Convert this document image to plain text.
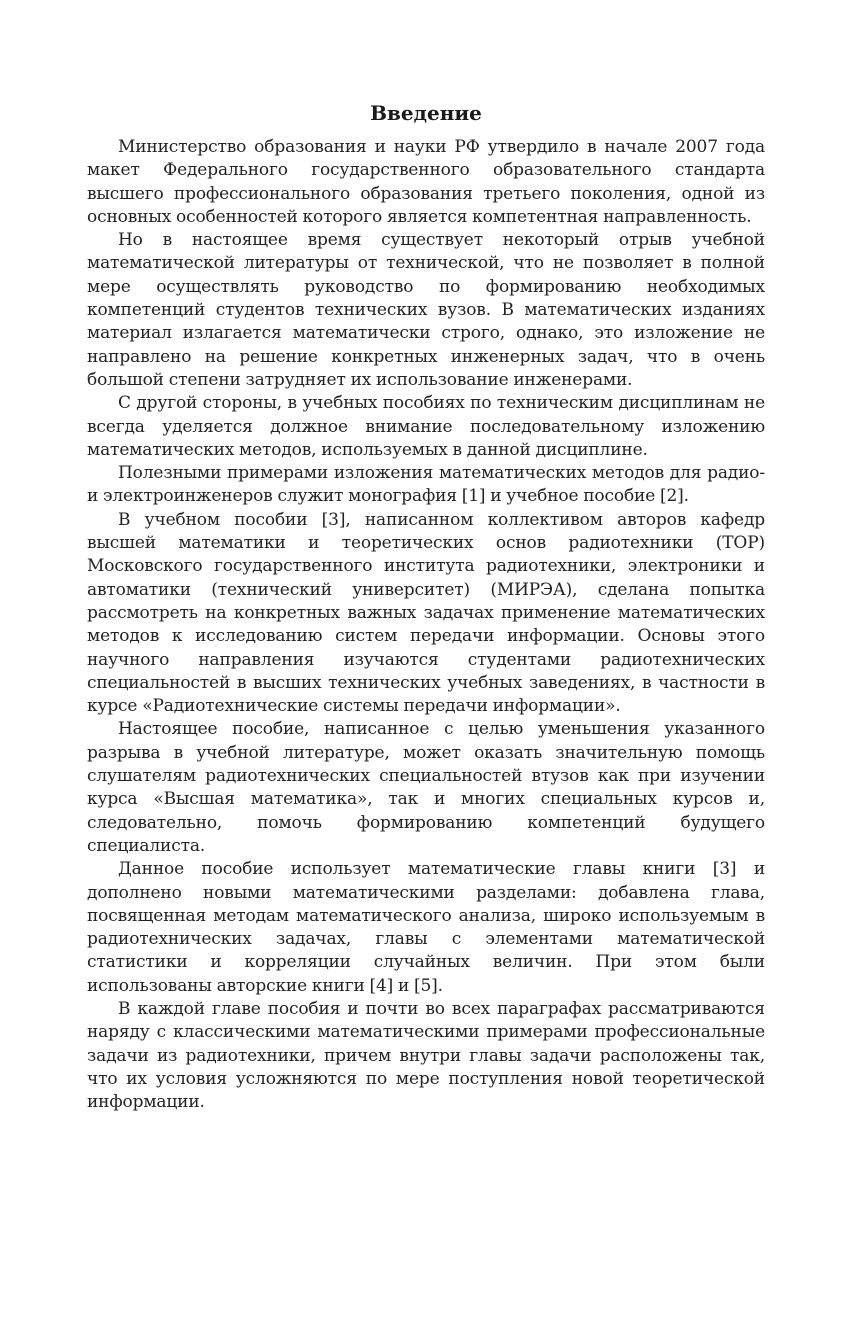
Введение

Министерство образования и науки РФ утвердило в начале 2007 года макет Федерального государственного образовательного стандарта высшего профессионального образования третьего поколения, одной из основных особенностей которого является компетентная направленность.

Но в настоящее время существует некоторый отрыв учебной математической литературы от технической, что не позволяет в полной мере осуществлять руководство по формированию необходимых компетенций студентов технических вузов. В математических изданиях материал излагается математически строго, однако, это изложение не направлено на решение конкретных инженерных задач, что в очень большой степени затрудняет их использование инженерами.

С другой стороны, в учебных пособиях по техническим дисциплинам не всегда уделяется должное внимание последовательному изложению математических методов, используемых в данной дисциплине.

Полезными примерами изложения математических методов для радио- и электроинженеров служит монография [1] и учебное пособие [2].

В учебном пособии [3], написанном коллективом авторов кафедр высшей математики и теоретических основ радиотехники (ТОР) Московского государственного института радиотехники, электроники и автоматики (технический университет) (МИРЭА), сделана попытка рассмотреть на конкретных важных задачах применение математических методов к исследованию систем передачи информации. Основы этого научного направления изучаются студентами радиотехнических специальностей в высших технических учебных заведениях, в частности в курсе «Радиотехнические системы передачи информации».

Настоящее пособие, написанное с целью уменьшения указанного разрыва в учебной литературе, может оказать значительную помощь слушателям радиотехнических специальностей втузов как при изучении курса «Высшая математика», так и многих специальных курсов и, следовательно, помочь формированию компетенций будущего специалиста.

Данное пособие использует математические главы книги [3] и дополнено новыми математическими разделами: добавлена глава, посвященная методам математического анализа, широко используемым в радиотехнических задачах, главы с элементами математической статистики и корреляции случайных величин. При этом были использованы авторские книги [4] и [5].

В каждой главе пособия и почти во всех параграфах рассматриваются наряду с классическими математическими примерами профессиональные задачи из радиотехники, причем внутри главы задачи расположены так, что их условия усложняются по мере поступления новой теоретической информации.
